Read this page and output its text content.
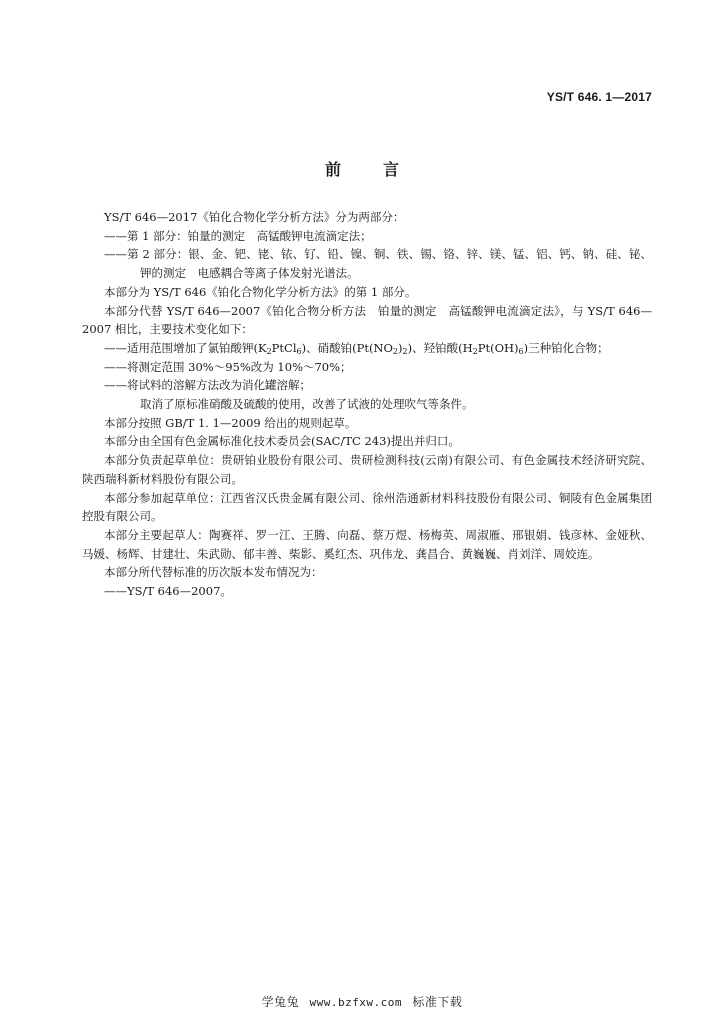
YS/T 646. 1—2017
前言

YS/T 646—2017《铂化合物化学分析方法》分为两部分：

——第 1 部分：铂量的测定　高锰酸钾电流滴定法；

——第 2 部分：银、金、钯、铑、铱、钌、铅、镍、铜、铁、锡、铬、锌、镁、锰、铝、钙、钠、硅、铋、钾的测定　电感耦合等离子体发射光谱法。

本部分为 YS/T 646《铂化合物化学分析方法》的第 1 部分。

本部分代替 YS/T 646—2007《铂化合物分析方法　铂量的测定　高锰酸钾电流滴定法》，与 YS/T 646—2007 相比，主要技术变化如下：

——适用范围增加了氯铂酸钾$(K_2PtCl_6)$、硝酸铂$(Pt(NO_2)_2)$、羟铂酸$(H_2Pt(OH)_6)$三种铂化合物；

——将测定范围 30%～95%改为 10%～70%；

——将试料的溶解方法改为消化罐溶解；

取消了原标准硝酸及硫酸的使用，改善了试液的处理吹气等条件。

本部分按照 GB/T 1. 1—2009 给出的规则起草。

本部分由全国有色金属标准化技术委员会(SAC/TC 243)提出并归口。

本部分负责起草单位：贵研铂业股份有限公司、贵研检测科技(云南)有限公司、有色金属技术经济研究院、陕西瑞科新材料股份有限公司。

本部分参加起草单位：江西省汉氏贵金属有限公司、徐州浩通新材料科技股份有限公司、铜陵有色金属集团控股有限公司。

本部分主要起草人：陶赛祥、罗一江、王腾、向磊、蔡万煜、杨梅英、周淑雁、邢银娟、钱彦林、金娅秋、马媛、杨辉、甘建壮、朱武勋、郁丰善、柴影、奚红杰、巩伟龙、龚昌合、黄巍巍、肖刘洋、周姣连。

本部分所代替标准的历次版本发布情况为：

——YS/T 646—2007。

学兔兔 www.bzfxw.com 标准下载
